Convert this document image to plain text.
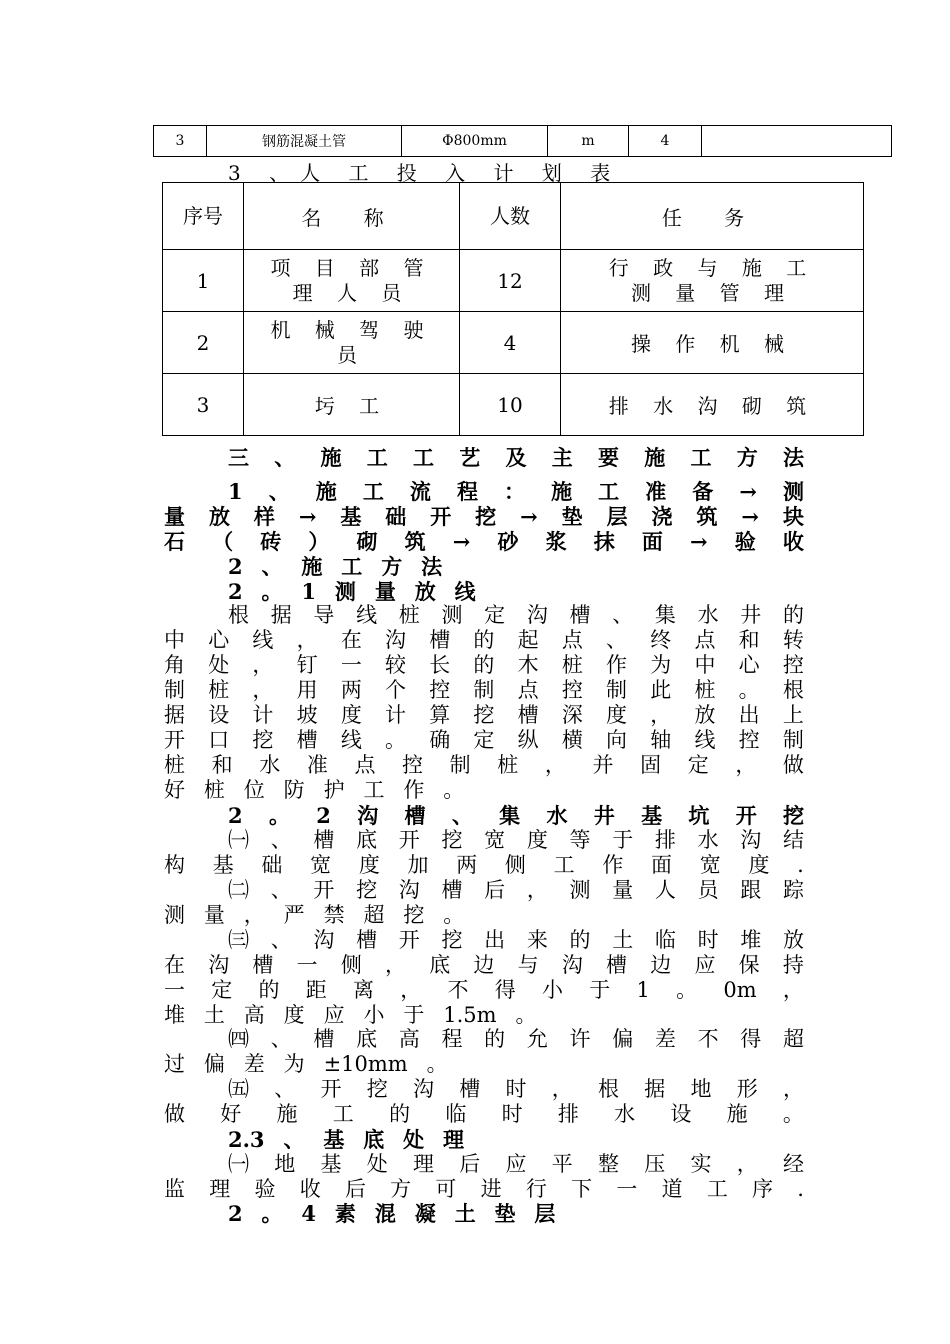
3	钢筋混凝土管	Φ800mm	m	4	
3 、人 工 投 入 计 划 表
序号	名 称	人数	任 务
1	项 目 部 管 理 人 员	12	行 政 与 施 工 测 量 管 理
2	机 械 驾 驶 员	4	操 作 机 械
3	圬 工	10	排 水 沟 砌 筑
三 、 施 工 工 艺 及 主 要 施 工 方 法
1 、 施 工 流 程 ： 施 工 准 备 → 测
量 放 样 → 基 础 开 挖 → 垫 层 浇 筑 → 块
石 （ 砖 ） 砌 筑 → 砂 浆 抹 面 → 验 收
2 、 施 工 方 法
2 。 1 测 量 放 线
根 据 导 线 桩 测 定 沟 槽 、 集 水 井 的
中 心 线 ， 在 沟 槽 的 起 点 、 终 点 和 转
角 处 ， 钉 一 较 长 的 木 桩 作 为 中 心 控
制 桩 ， 用 两 个 控 制 点 控 制 此 桩 。 根
据 设 计 坡 度 计 算 挖 槽 深 度 ， 放 出 上
开 口 挖 槽 线 。 确 定 纵 横 向 轴 线 控 制
桩 和 水 准 点 控 制 桩 ， 并 固 定 ， 做
好 桩 位 防 护 工 作 。
2 。 2 沟 槽 、 集 水 井 基 坑 开 挖
㈠ 、 槽 底 开 挖 宽 度 等 于 排 水 沟 结
构 基 础 宽 度 加 两 侧 工 作 面 宽 度 .
㈡ 、 开 挖 沟 槽 后 ， 测 量 人 员 跟 踪
测 量 ， 严 禁 超 挖 。
㈢ 、 沟 槽 开 挖 出 来 的 土 临 时 堆 放
在 沟 槽 一 侧 ， 底 边 与 沟 槽 边 应 保 持
一 定 的 距 离 ， 不 得 小 于 1 。 0m ，
堆 土 高 度 应 小 于 1.5m 。
㈣ 、 槽 底 高 程 的 允 许 偏 差 不 得 超
过 偏 差 为 ±10mm 。
㈤ 、 开 挖 沟 槽 时 ， 根 据 地 形 ，
做 好 施 工 的 临 时 排 水 设 施 。
2.3 、 基 底 处 理
㈠ 地 基 处 理 后 应 平 整 压 实 ， 经
监 理 验 收 后 方 可 进 行 下 一 道 工 序 .
2 。 4 素 混 凝 土 垫 层
